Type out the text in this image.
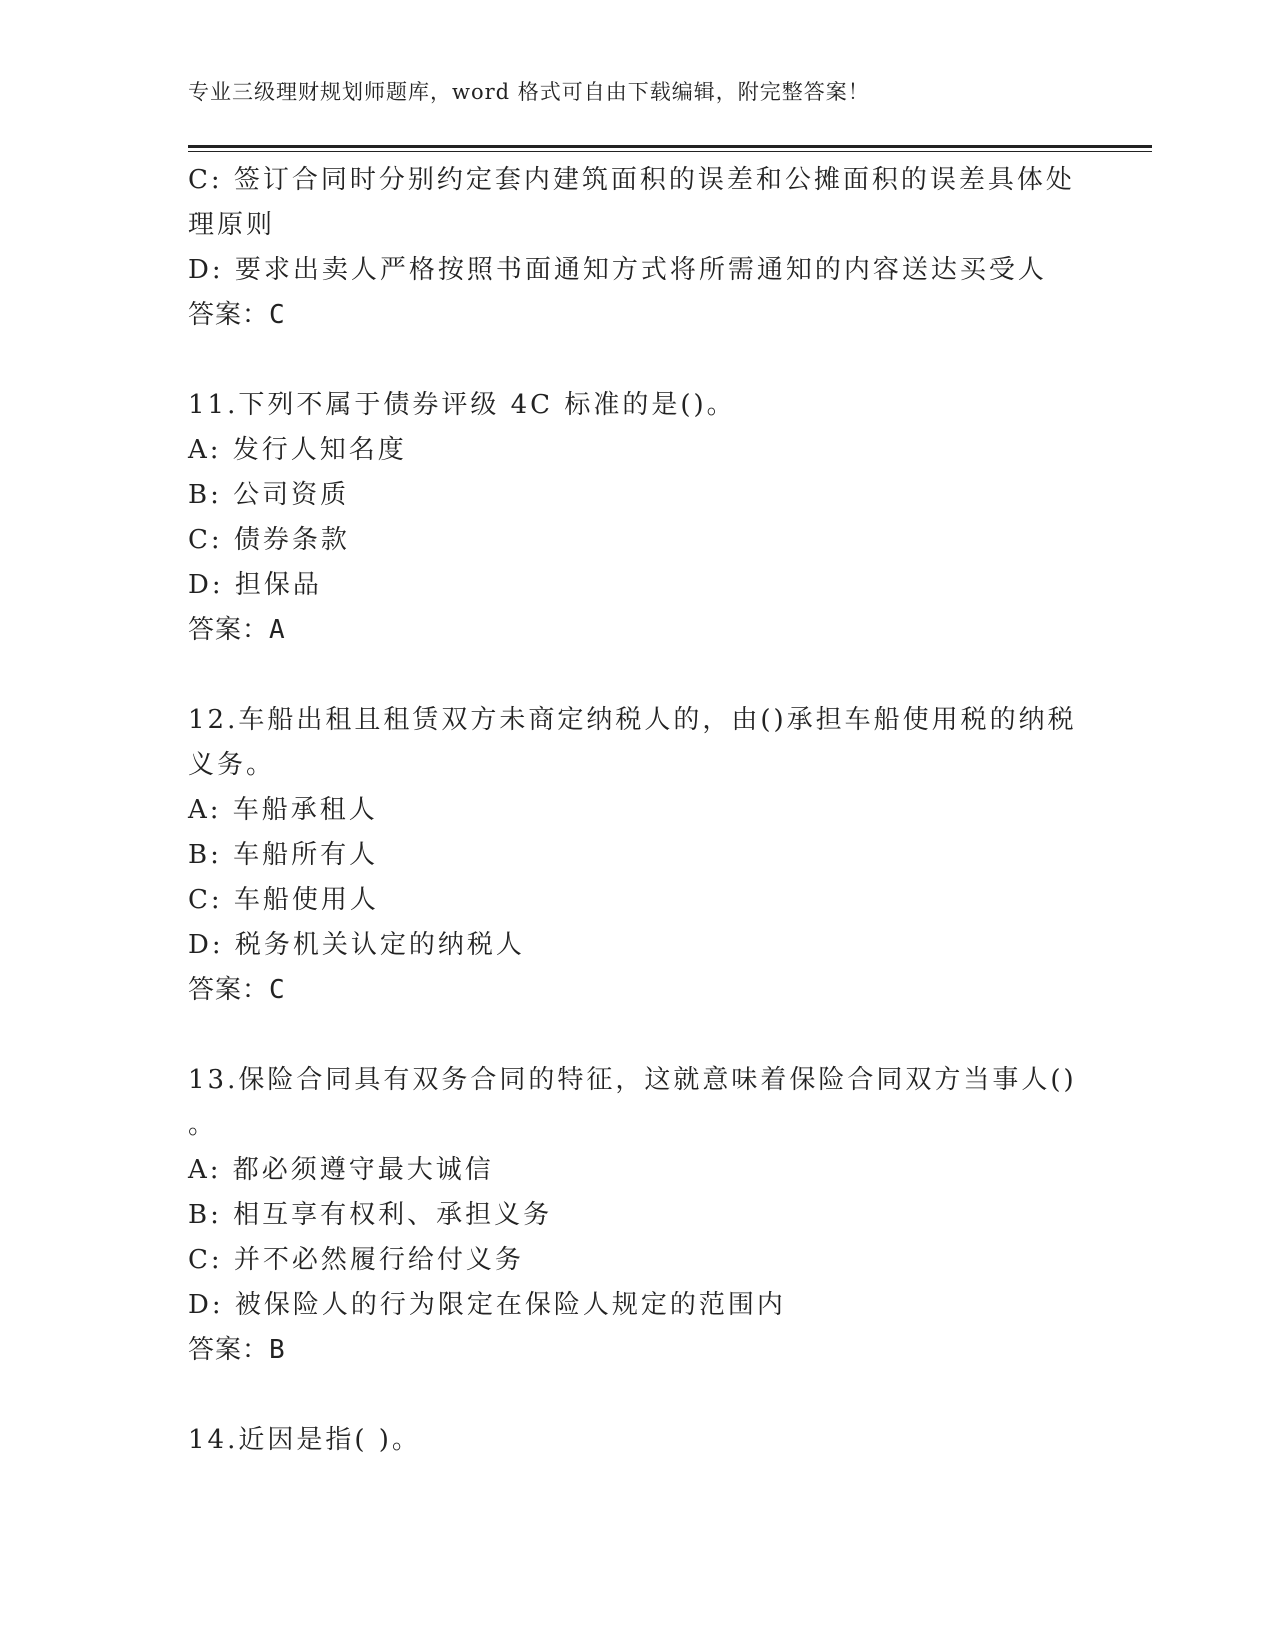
专业三级理财规划师题库，word 格式可自由下载编辑，附完整答案！

C: 签订合同时分别约定套内建筑面积的误差和公摊面积的误差具体处

理原则

D: 要求出卖人严格按照书面通知方式将所需通知的内容送达买受人

答案：C

11.下列不属于债券评级 4C 标准的是()。

A: 发行人知名度

B: 公司资质

C: 债券条款

D: 担保品

答案：A

12.车船出租且租赁双方未商定纳税人的，由()承担车船使用税的纳税

义务。

A: 车船承租人

B: 车船所有人

C: 车船使用人

D: 税务机关认定的纳税人

答案：C

13.保险合同具有双务合同的特征，这就意味着保险合同双方当事人()

。

A: 都必须遵守最大诚信

B: 相互享有权利、承担义务

C: 并不必然履行给付义务

D: 被保险人的行为限定在保险人规定的范围内

答案：B

14.近因是指( )。
